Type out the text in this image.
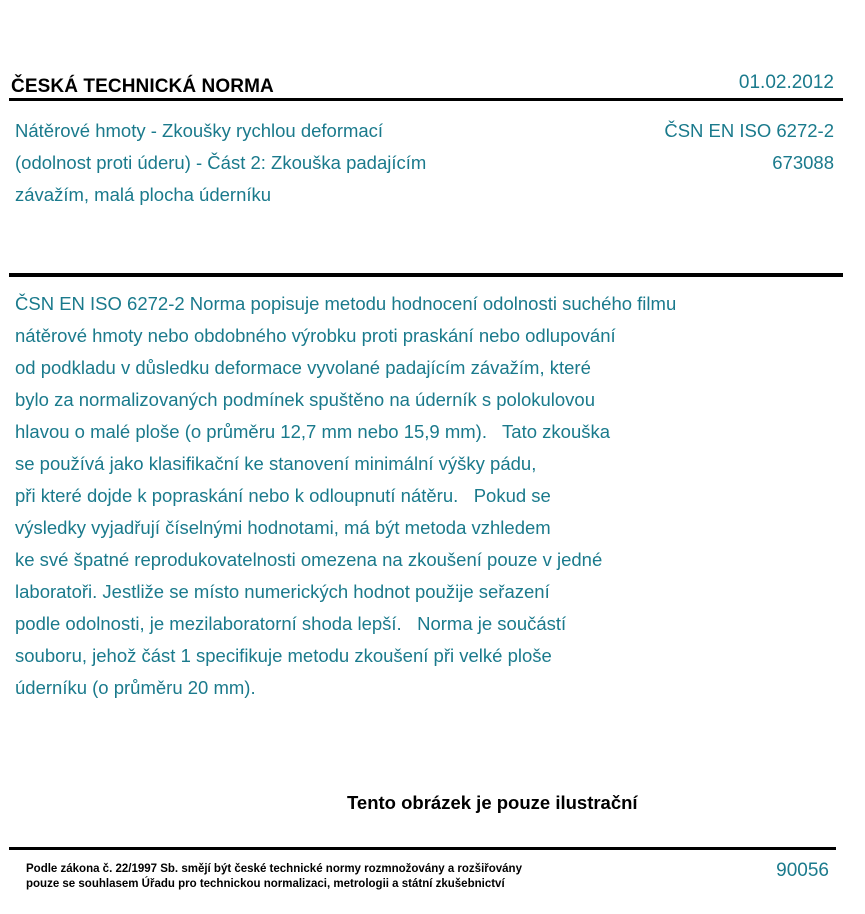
ČESKÁ TECHNICKÁ NORMA	01.02.2012
Nátěrové hmoty - Zkoušky rychlou deformací
(odolnost proti úderu) - Část 2: Zkouška padajícím
závažím, malá plocha úderníku
ČSN EN ISO 6272-2
673088
ČSN EN ISO 6272-2 Norma popisuje metodu hodnocení odolnosti suchého filmu
nátěrové hmoty nebo obdobného výrobku proti praskání nebo odlupování
od podkladu v důsledku deformace vyvolané padajícím závažím, které
bylo za normalizovaných podmínek spuštěno na úderník s polokulovou
hlavou o malé ploše (o průměru 12,7 mm nebo 15,9 mm).   Tato zkouška
se používá jako klasifikační ke stanovení minimální výšky pádu,
při které dojde k popraskání nebo k odloupnutí nátěru.   Pokud se
výsledky vyjadřují číselnými hodnotami, má být metoda vzhledem
ke své špatné reprodukovatelnosti omezena na zkoušení pouze v jedné
laboratoři. Jestliže se místo numerických hodnot použije seřazení
podle odolnosti, je mezilaboratorní shoda lepší.   Norma je součástí
souboru, jehož část 1 specifikuje metodu zkoušení při velké ploše
úderníku (o průměru 20 mm).
Tento obrázek je pouze ilustrační
Podle zákona č. 22/1997 Sb. smějí být české technické normy rozmnožovány a rozšiřovány
pouze se souhlasem Úřadu pro technickou normalizaci, metrologii a státní zkušebnictví
90056
